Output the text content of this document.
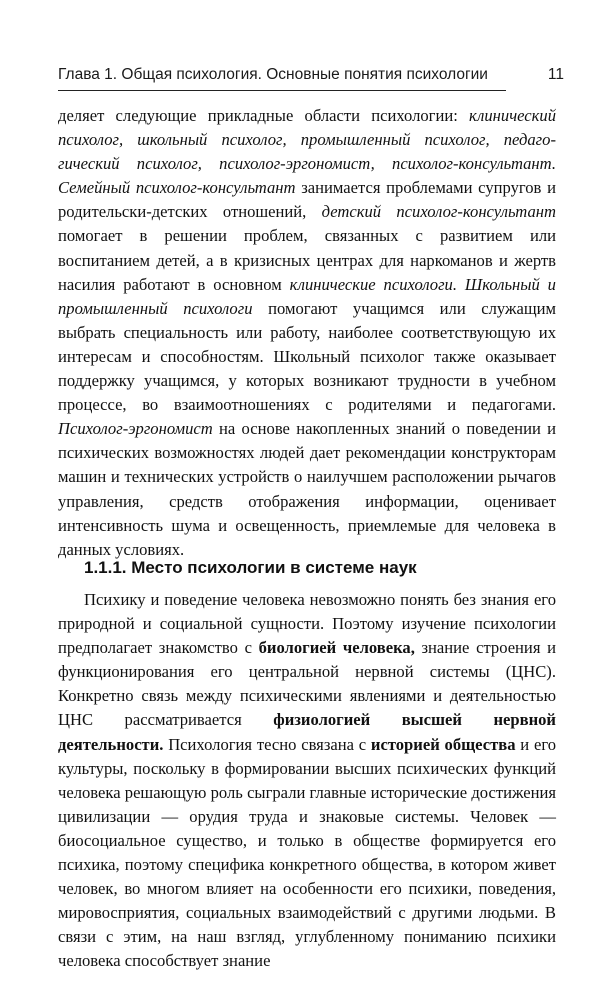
Глава 1. Общая психология. Основные понятия психологии	11

деляет следующие прикладные области психологии: клинический психолог, школьный психолог, промышленный психолог, педагогический психолог, психолог-эргономист, психолог-консультант. Семейный психолог-консультант занимается проблемами супругов и родительски-детских отношений, детский психолог-консультант помогает в решении проблем, связанных с развитием или воспитанием детей, а в кризисных центрах для наркоманов и жертв насилия работают в основном клинические психологи. Школьный и промышленный психологи помогают учащимся или служащим выбрать специальность или работу, наиболее соответствующую их интересам и способностям. Школьный психолог также оказывает поддержку учащимся, у которых возникают трудности в учебном процессе, во взаимоотношениях с родителями и педагогами. Психолог-эргономист на основе накопленных знаний о поведении и психических возможностях людей дает рекомендации конструкторам машин и технических устройств о наилучшем расположении рычагов управления, средств отображения информации, оценивает интенсивность шума и освещенность, приемлемые для человека в данных условиях.

1.1.1. Место психологии в системе наук

Психику и поведение человека невозможно понять без знания его природной и социальной сущности. Поэтому изучение психологии предполагает знакомство с биологией человека, знание строения и функционирования его центральной нервной системы (ЦНС). Конкретно связь между психическими явлениями и деятельностью ЦНС рассматривается физиологией высшей нервной деятельности. Психология тесно связана с историей общества и его культуры, поскольку в формировании высших психических функций человека решающую роль сыграли главные исторические достижения цивилизации — орудия труда и знаковые системы. Человек — биосоциальное существо, и только в обществе формируется его психика, поэтому специфика конкретного общества, в котором живет человек, во многом влияет на особенности его психики, поведения, мировосприятия, социальных взаимодействий с другими людьми. В связи с этим, на наш взгляд, углубленному пониманию психики человека способствует знание
